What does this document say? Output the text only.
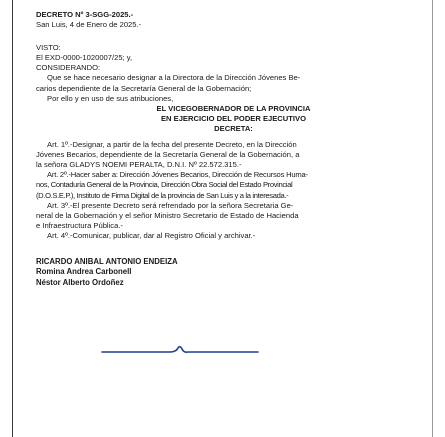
DECRETO Nº 3-SGG-2025.-
San Luis, 4 de Enero de 2025.-
VISTO:
El EXD-0000-1020007/25; y,
CONSIDERANDO:
Que se hace necesario designar a la Directora de la Dirección Jóvenes Be-
carios dependiente de la Secretaría General de la Gobernación;
Por ello y en uso de sus atribuciones,
EL VICEGOBERNADOR DE LA PROVINCIA
EN EJERCICIO DEL PODER EJECUTIVO
DECRETA:
Art. 1º.-Designar, a partir de la fecha del presente Decreto, en la Dirección
Jóvenes Becarios, dependiente de la Secretaría General de la Gobernación, a
la señora GLADYS NOEMI PERALTA, D.N.I. Nº 22.572.315.-
Art. 2º.-Hacer saber a: Dirección Jóvenes Becarios, Dirección de Recursos Huma-
nos, Contaduría General de la Provincia, Dirección Obra Social del Estado Provincial
(D.O.S.E.P.), Instituto de Firma Digital de la provincia de San Luis y a la interesada.-
Art. 3º.-El presente Decreto será refrendado por la señora Secretaria Ge-
neral de la Gobernación y el señor Ministro Secretario de Estado de Hacienda
e Infraestructura Pública.-
Art. 4º.-Comunicar, publicar, dar al Registro Oficial y archivar.-
RICARDO ANIBAL ANTONIO ENDEIZA
Romina Andrea Carbonell
Néstor Alberto Ordoñez
